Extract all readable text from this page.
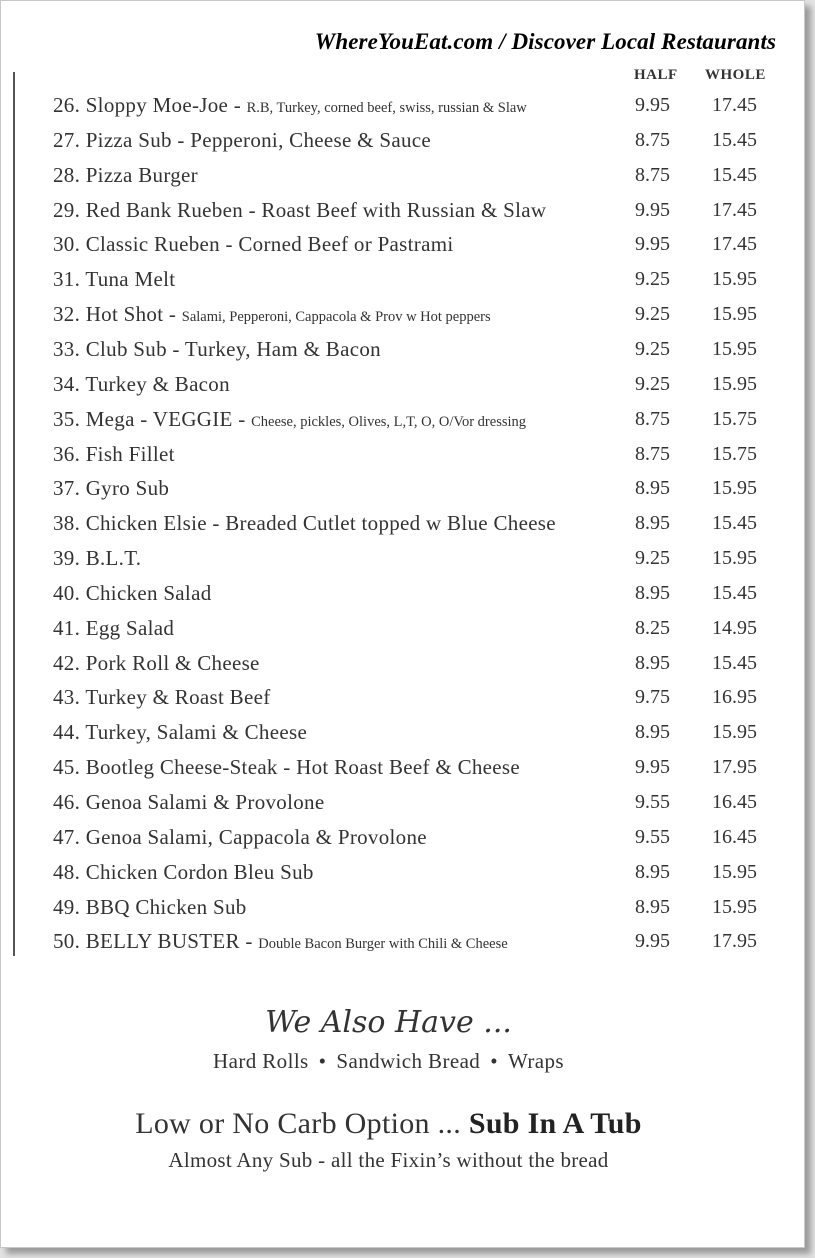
WhereYouEat.com / Discover Local Restaurants
HALF WHOLE
26. Sloppy Moe-Joe - R.B, Turkey, corned beef, swiss, russian & Slaw	9.95 17.45
27. Pizza Sub - Pepperoni, Cheese & Sauce	8.75 15.45
28. Pizza Burger	8.75 15.45
29. Red Bank Rueben - Roast Beef with Russian & Slaw	9.95 17.45
30. Classic Rueben - Corned Beef or Pastrami	9.95 17.45
31. Tuna Melt	9.25 15.95
32. Hot Shot - Salami, Pepperoni, Cappacola & Prov w Hot peppers	9.25 15.95
33. Club Sub - Turkey, Ham & Bacon	9.25 15.95
34. Turkey & Bacon	9.25 15.95
35. Mega - VEGGIE - Cheese, pickles, Olives, L,T, O, O/Vor dressing	8.75 15.75
36. Fish Fillet	8.75 15.75
37. Gyro Sub	8.95 15.95
38. Chicken Elsie - Breaded Cutlet topped w Blue Cheese	8.95 15.45
39. B.L.T.	9.25 15.95
40. Chicken Salad	8.95 15.45
41. Egg Salad	8.25 14.95
42. Pork Roll & Cheese	8.95 15.45
43. Turkey & Roast Beef	9.75 16.95
44. Turkey, Salami & Cheese	8.95 15.95
45. Bootleg Cheese-Steak - Hot Roast Beef & Cheese	9.95 17.95
46. Genoa Salami & Provolone	9.55 16.45
47. Genoa Salami, Cappacola & Provolone	9.55 16.45
48. Chicken Cordon Bleu Sub	8.95 15.95
49. BBQ Chicken Sub	8.95 15.95
50. BELLY BUSTER - Double Bacon Burger with Chili & Cheese	9.95 17.95
We Also Have ...
Hard Rolls • Sandwich Bread • Wraps
Low or No Carb Option ... Sub In A Tub
Almost Any Sub - all the Fixin’s without the bread
